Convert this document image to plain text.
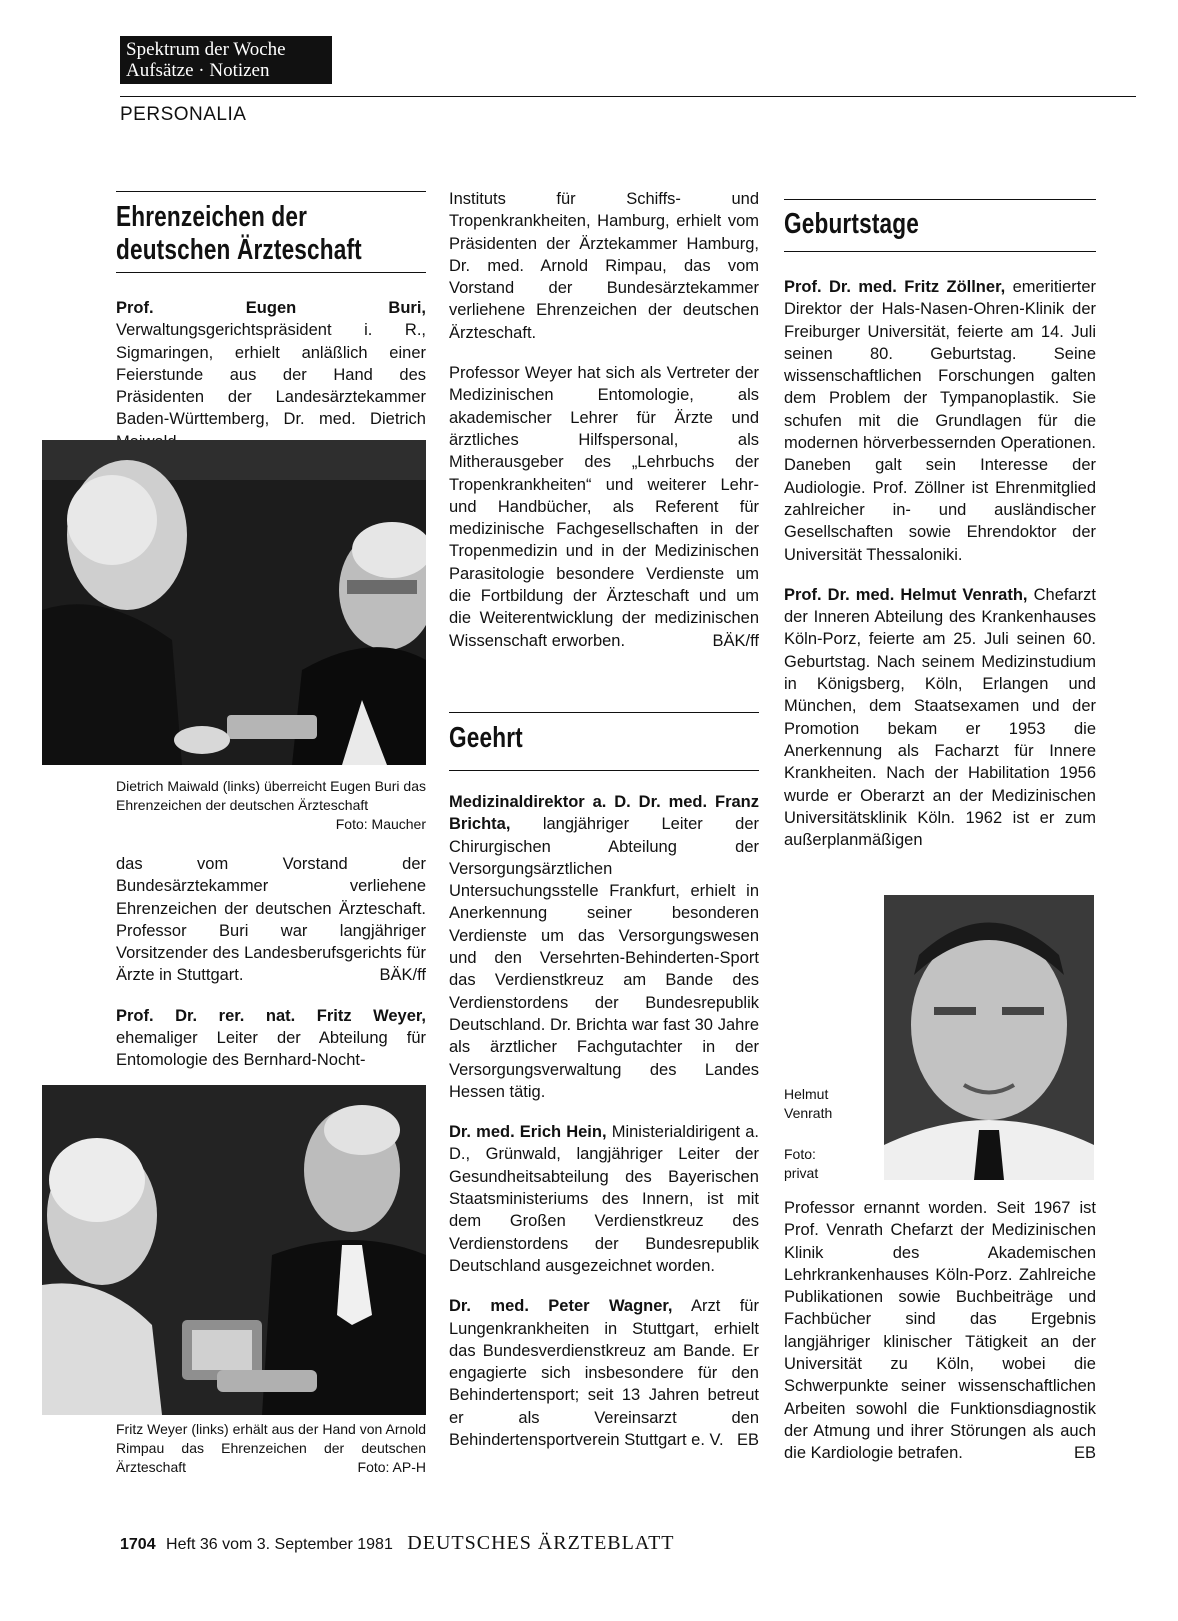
Spektrum der Woche
Aufsätze · Notizen
PERSONALIA
Ehrenzeichen der
deutschen Ärzteschaft

Prof. Eugen Buri, Verwaltungsgerichtspräsident i. R., Sigmaringen, erhielt anläßlich einer Feierstunde aus der Hand des Präsidenten der Landesärztekammer Baden-Württemberg, Dr. med. Dietrich

Dietrich Maiwald (links) überreicht Eugen Buri das Ehrenzeichen der deutschen Ärzteschaft
Foto: Maucher

das vom Vorstand der Bundesärztekammer verliehene Ehrenzeichen der deutschen Ärzteschaft. Professor Buri war langjähriger Vorsitzender des Landesberufsgerichts für Ärzte in Stuttgart.	BÄK/ff

Prof. Dr. rer. nat. Fritz Weyer, ehemaliger Leiter der Abteilung für Entomologie des Bernhard-Nocht-

Fritz Weyer (links) erhält aus der Hand von Arnold Rimpau das Ehrenzeichen der deutschen Ärzteschaft	Foto: AP-H

Instituts für Schiffs- und Tropenkrankheiten, Hamburg, erhielt vom Präsidenten der Ärztekammer Hamburg, Dr. med. Arnold Rimpau, das vom Vorstand der Bundesärztekammer verliehene Ehrenzeichen der deutschen Ärzteschaft.

Professor Weyer hat sich als Vertreter der Medizinischen Entomologie, als akademischer Lehrer für Ärzte und ärztliches Hilfspersonal, als Mitherausgeber des „Lehrbuchs der Tropenkrankheiten“ und weiterer Lehr- und Handbücher, als Referent für medizinische Fachgesellschaften in der Tropenmedizin und in der Medizinischen Parasitologie besondere Verdienste um die Fortbildung der Ärzteschaft und um die Weiterentwicklung der medizinischen Wissenschaft erworben.	BÄK/ff

Geehrt

Medizinaldirektor a. D. Dr. med. Franz Brichta, langjähriger Leiter der Chirurgischen Abteilung der Versorgungsärztlichen Untersuchungsstelle Frankfurt, erhielt in Anerkennung seiner besonderen Verdienste um das Versorgungswesen und den Versehrten-Behinderten-Sport das Verdienstkreuz am Bande des Verdienstordens der Bundesrepublik Deutschland. Dr. Brichta war fast 30 Jahre als ärztlicher Fachgutachter in der Versorgungsverwaltung des Landes Hessen tätig.

Dr. med. Erich Hein, Ministerialdirigent a. D., Grünwald, langjähriger Leiter der Gesundheitsabteilung des Bayerischen Staatsministeriums des Innern, ist mit dem Großen Verdienstkreuz des Verdienstordens der Bundesrepublik Deutschland ausgezeichnet worden.

Dr. med. Peter Wagner, Arzt für Lungenkrankheiten in Stuttgart, erhielt das Bundesverdienstkreuz am Bande. Er engagierte sich insbesondere für den Behindertensport; seit 13 Jahren betreut er als Vereinsarzt den Behindertensportverein Stuttgart e. V. EB

Geburtstage

Prof. Dr. med. Fritz Zöllner, emeritierter Direktor der Hals-Nasen-Ohren-Klinik der Freiburger Universität, feierte am 14. Juli seinen 80. Geburtstag. Seine wissenschaftlichen Forschungen galten dem Problem der Tympanoplastik. Sie schufen mit die Grundlagen für die modernen hörverbessernden Operationen. Daneben galt sein Interesse der Audiologie. Prof. Zöllner ist Ehrenmitglied zahlreicher in- und ausländischer Gesellschaften sowie Ehrendoktor der Universität Thessaloniki.

Prof. Dr. med. Helmut Venrath, Chefarzt der Inneren Abteilung des Krankenhauses Köln-Porz, feierte am 25. Juli seinen 60. Geburtstag. Nach seinem Medizinstudium in Königsberg, Köln, Erlangen und München, dem Staatsexamen und der Promotion bekam er 1953 die Anerkennung als Facharzt für Innere Krankheiten. Nach der Habilitation 1956 wurde er Oberarzt an der Medizinischen Universitätsklinik Köln. 1962 ist er zum außerplanmäßigen

Helmut
Venrath
Foto:
privat

Professor ernannt worden. Seit 1967 ist Prof. Venrath Chefarzt der Medizinischen Klinik des Akademischen Lehrkrankenhauses Köln-Porz. Zahlreiche Publikationen sowie Buchbeiträge und Fachbücher sind das Ergebnis langjähriger klinischer Tätigkeit an der Universität zu Köln, wobei die Schwerpunkte seiner wissenschaftlichen Arbeiten sowohl die Funktionsdiagnostik der Atmung und ihrer Störungen als auch die Kardiologie betrafen.	EB

1704 Heft 36 vom 3. September 1981 DEUTSCHES ÄRZTEBLATT
